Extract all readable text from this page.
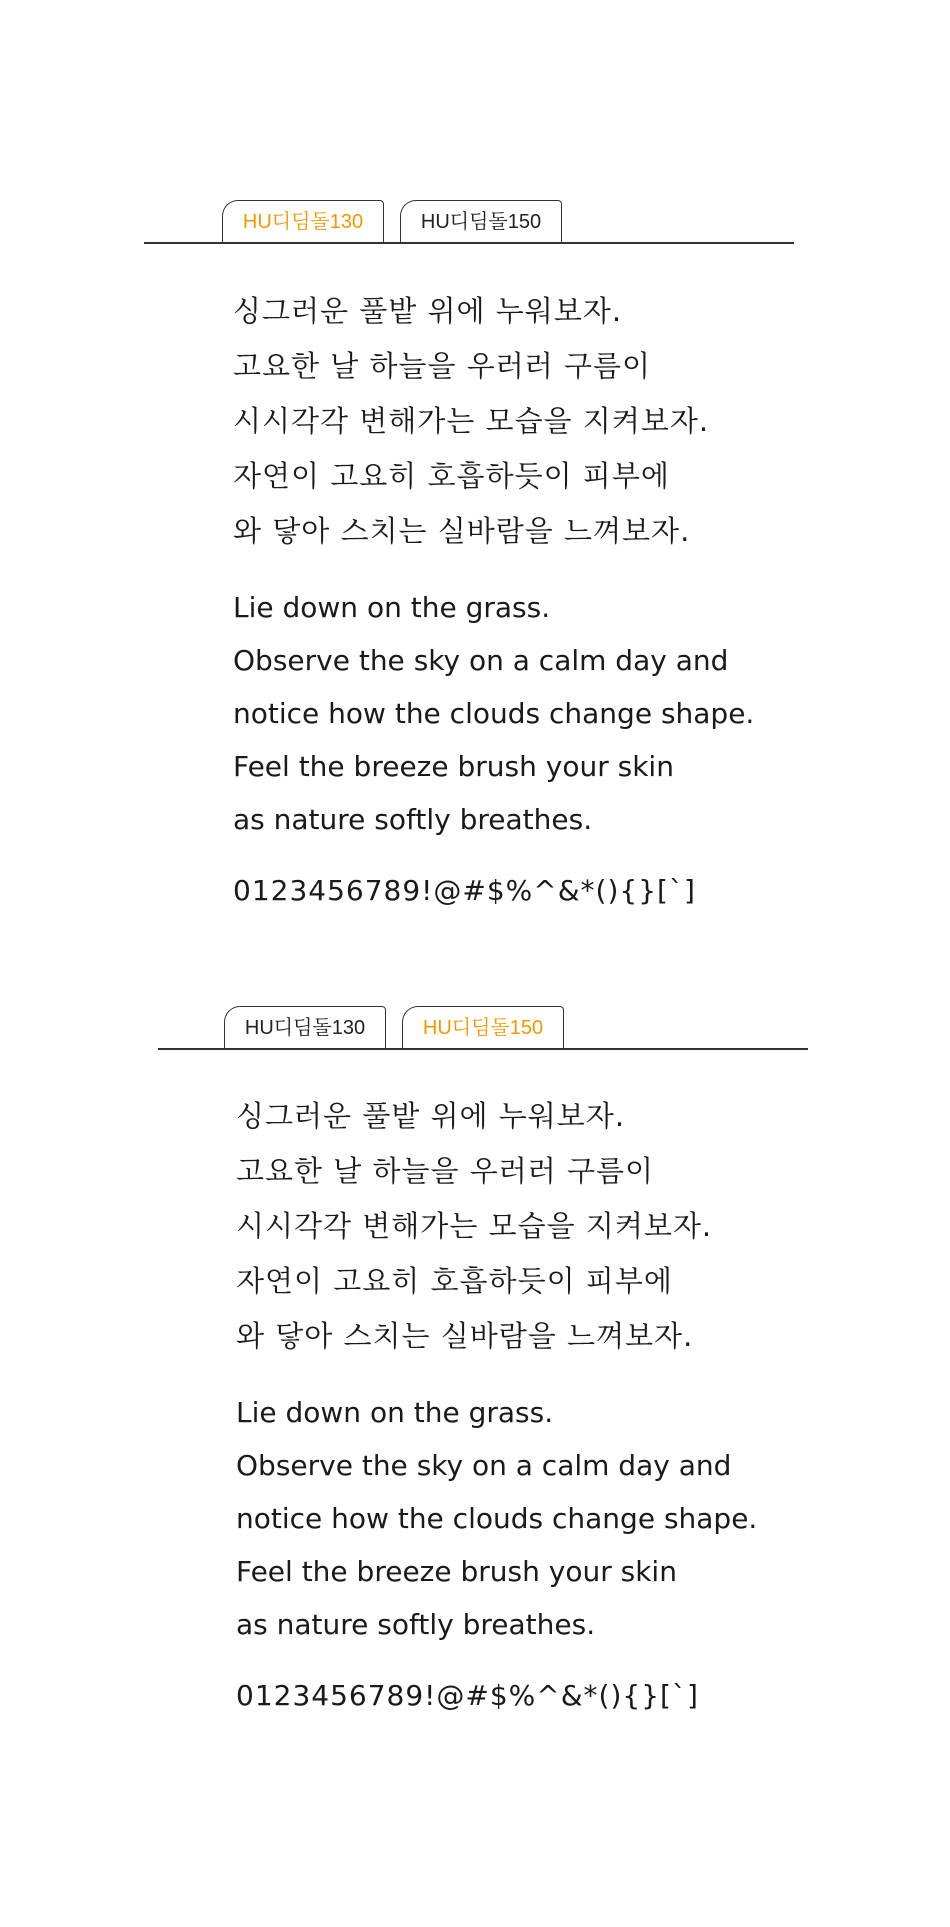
HU디딤돌130	HU디딤돌150
싱그러운 풀밭 위에 누워보자.
고요한 날 하늘을 우러러 구름이
시시각각 변해가는 모습을 지켜보자.
자연이 고요히 호흡하듯이 피부에
와 닿아 스치는 실바람을 느껴보자.
Lie down on the grass.
Observe the sky on a calm day and
notice how the clouds change shape.
Feel the breeze brush your skin
as nature softly breathes.
0123456789!@#$%^&*(){}[`]
HU디딤돌130	HU디딤돌150
싱그러운 풀밭 위에 누워보자.
고요한 날 하늘을 우러러 구름이
시시각각 변해가는 모습을 지켜보자.
자연이 고요히 호흡하듯이 피부에
와 닿아 스치는 실바람을 느껴보자.
Lie down on the grass.
Observe the sky on a calm day and
notice how the clouds change shape.
Feel the breeze brush your skin
as nature softly breathes.
0123456789!@#$%^&*(){}[`]
